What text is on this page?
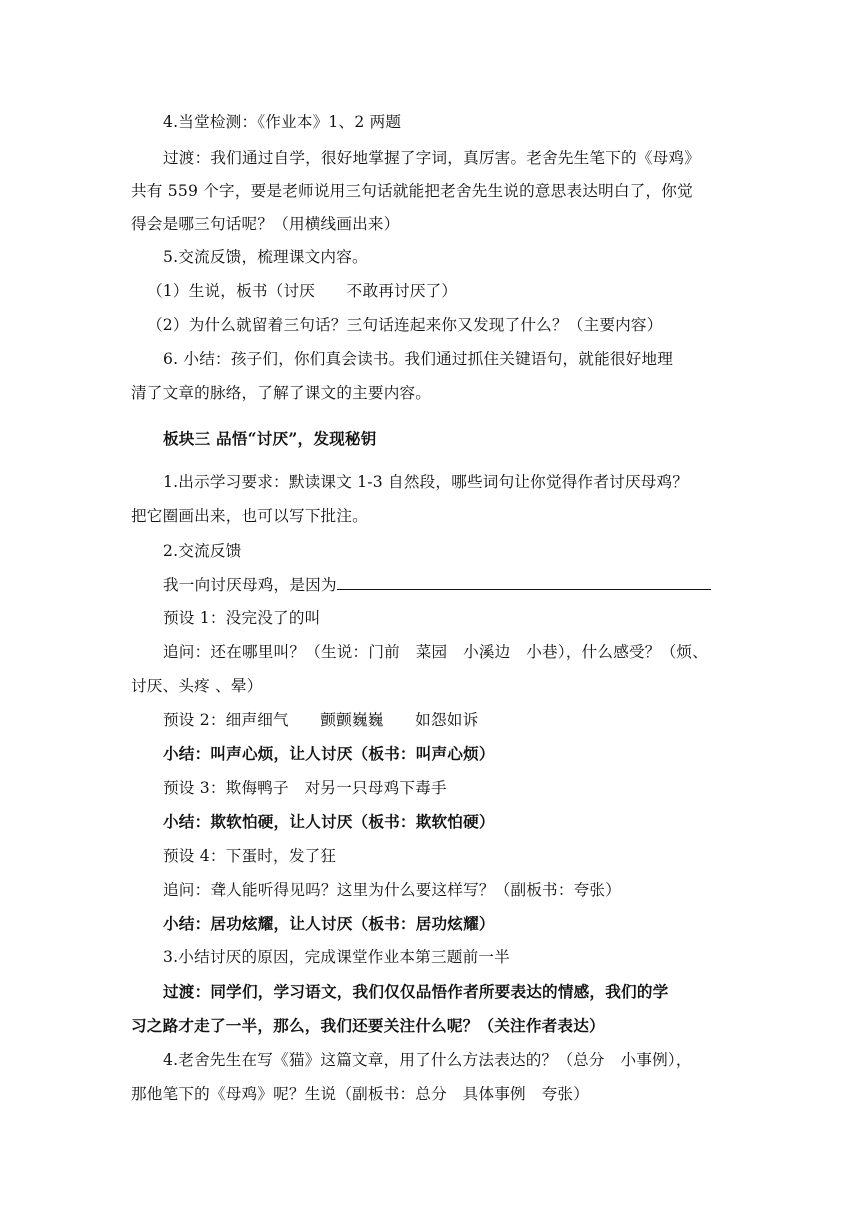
4.当堂检测：《作业本》1、2 两题
过渡：我们通过自学，很好地掌握了字词，真厉害。老舍先生笔下的《母鸡》
共有 559 个字，要是老师说用三句话就能把老舍先生说的意思表达明白了，你觉
得会是哪三句话呢？（用横线画出来）
5.交流反馈，梳理课文内容。
（1）生说，板书（讨厌　　不敢再讨厌了）
（2）为什么就留着三句话？三句话连起来你又发现了什么？（主要内容）
6. 小结：孩子们，你们真会读书。我们通过抓住关键语句，就能很好地理
清了文章的脉络，了解了课文的主要内容。
板块三 品悟“讨厌”，发现秘钥
1.出示学习要求：默读课文 1-3 自然段，哪些词句让你觉得作者讨厌母鸡？
把它圈画出来，也可以写下批注。
2.交流反馈
我一向讨厌母鸡，是因为
预设 1：没完没了的叫
追问：还在哪里叫？（生说：门前　菜园　小溪边　小巷），什么感受？（烦、
讨厌、头疼 、晕）
预设 2：细声细气　　颤颤巍巍　　如怨如诉
小结：叫声心烦，让人讨厌（板书：叫声心烦）
预设 3：欺侮鸭子　对另一只母鸡下毒手
小结：欺软怕硬，让人讨厌（板书：欺软怕硬）
预设 4：下蛋时，发了狂
追问：聋人能听得见吗？这里为什么要这样写？（副板书：夸张）
小结：居功炫耀，让人讨厌（板书：居功炫耀）
3.小结讨厌的原因，完成课堂作业本第三题前一半
过渡：同学们，学习语文，我们仅仅品悟作者所要表达的情感，我们的学
习之路才走了一半，那么，我们还要关注什么呢？（关注作者表达）
4.老舍先生在写《猫》这篇文章，用了什么方法表达的？（总分　小事例），
那他笔下的《母鸡》呢？生说（副板书：总分　具体事例　夸张）
